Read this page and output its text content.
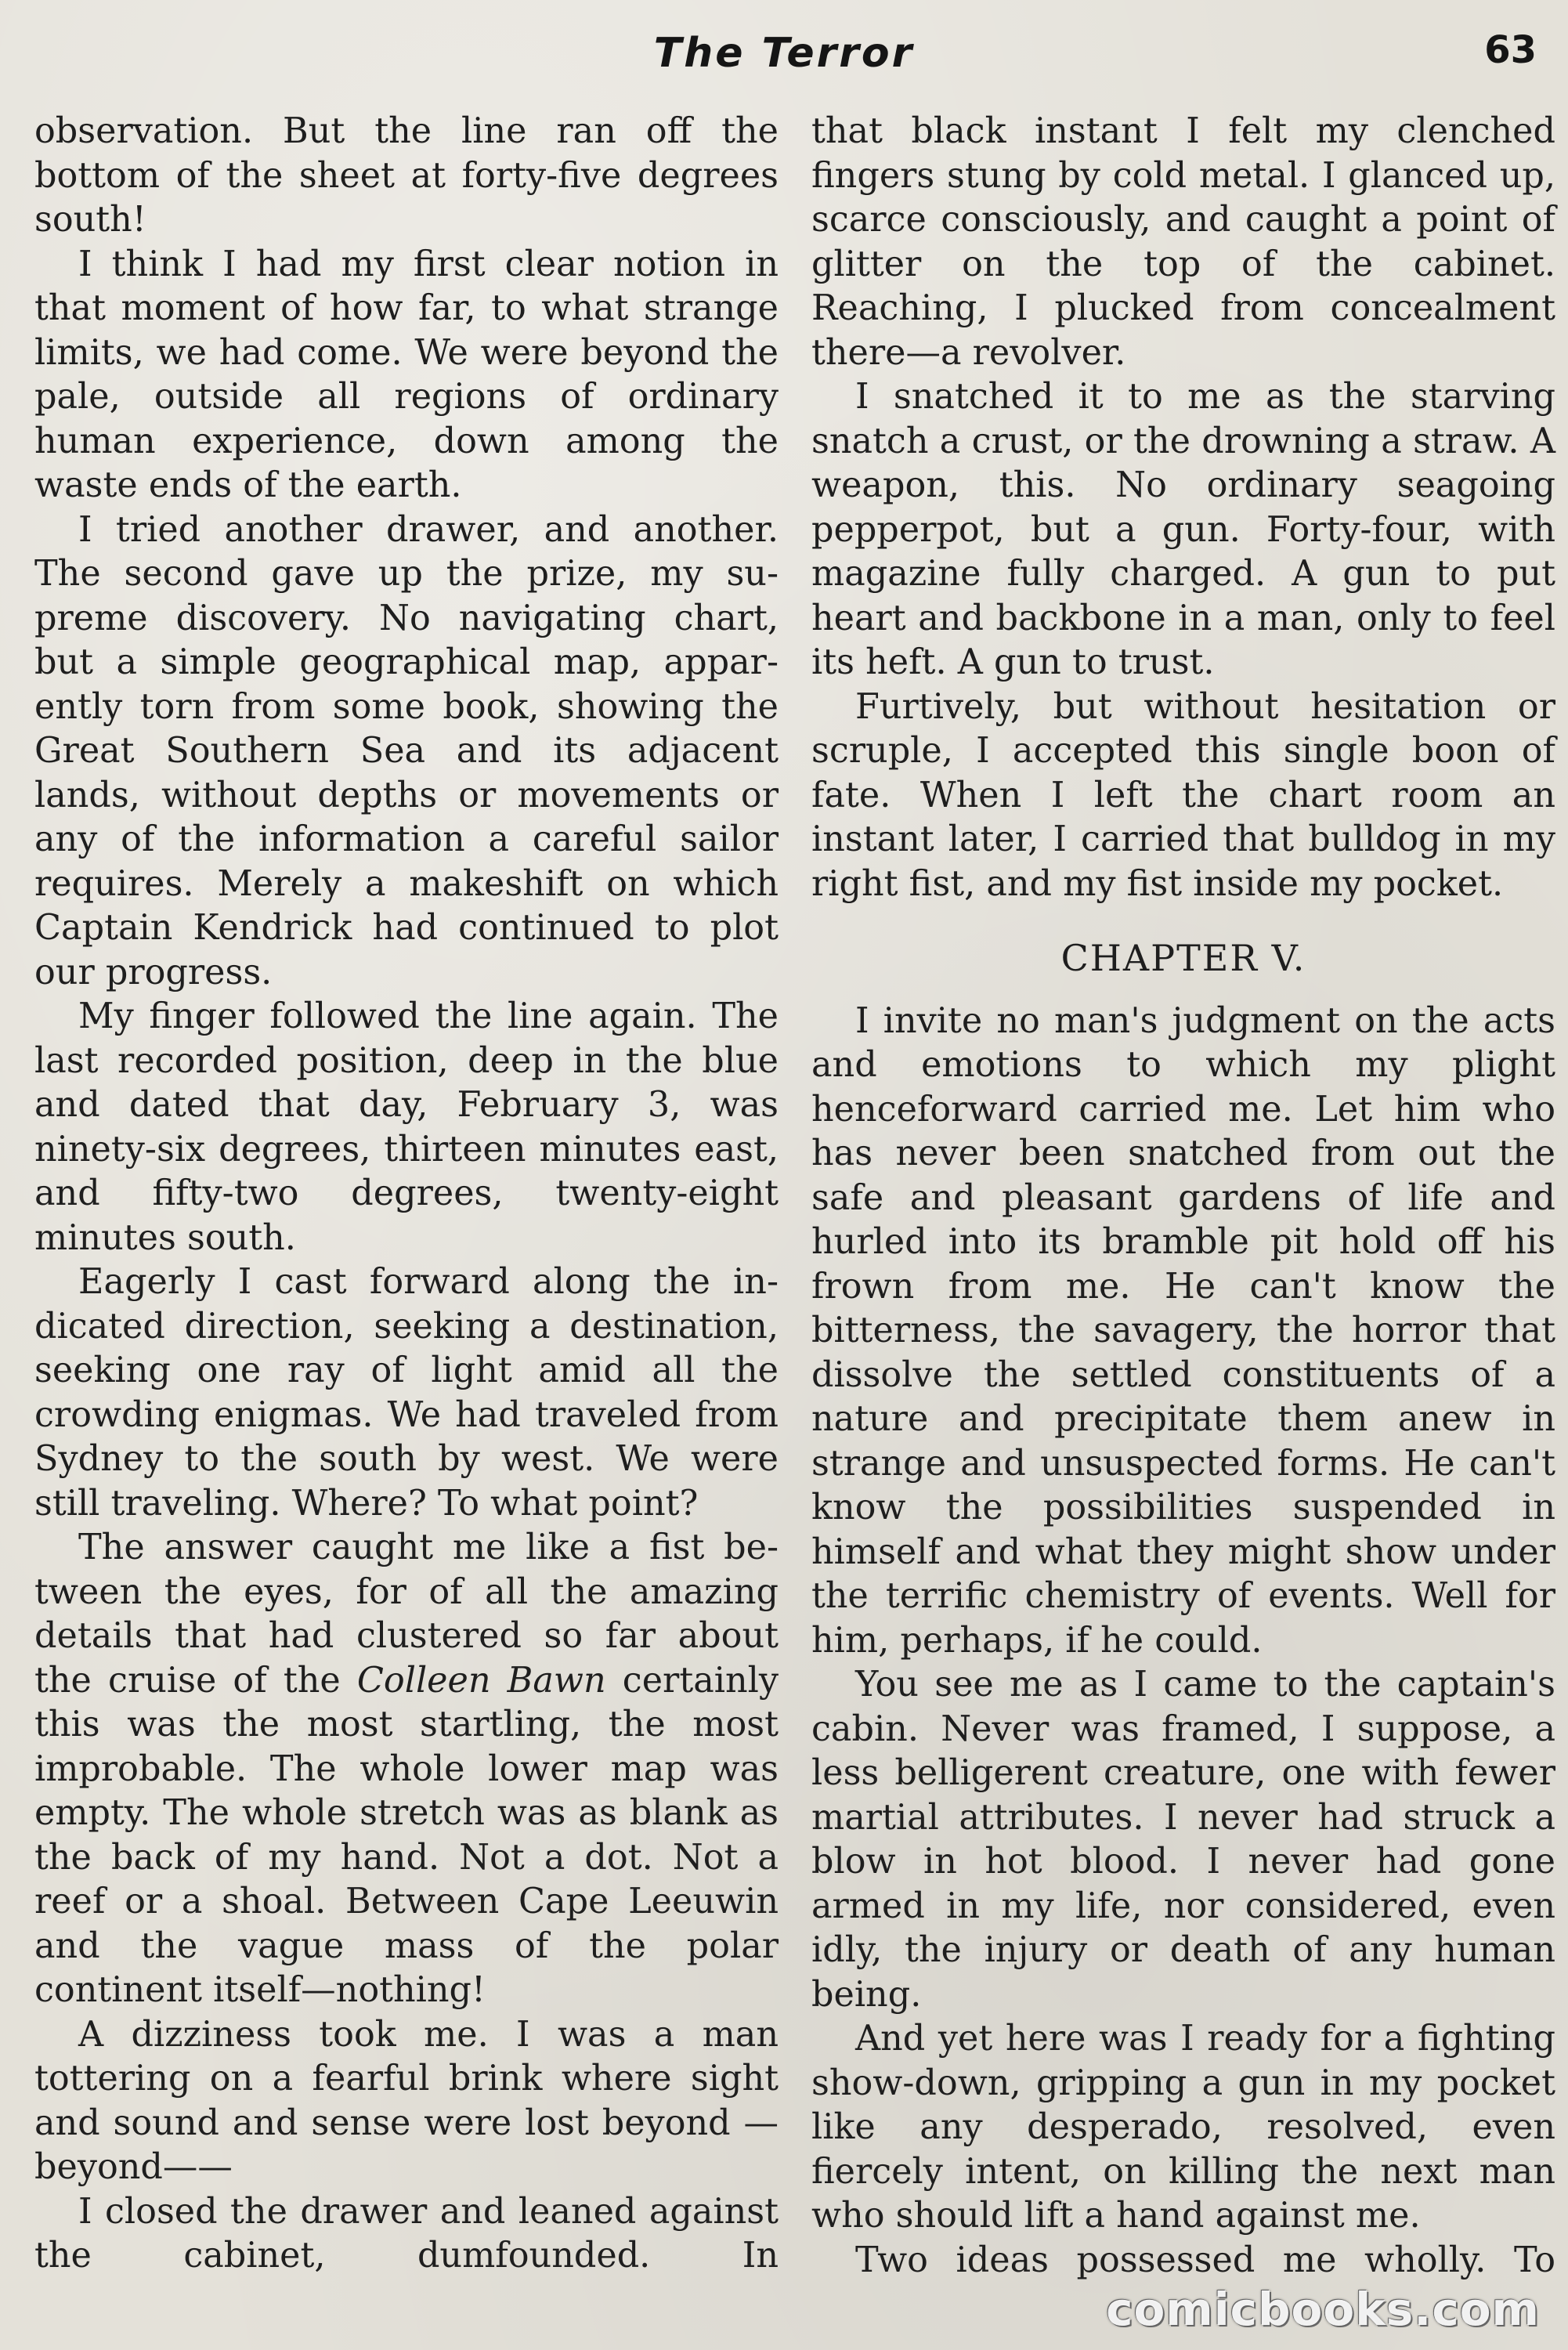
The Terror	63

observation. But the line ran off the bottom of the sheet at forty-five degrees south!

I think I had my first clear notion in that moment of how far, to what strange limits, we had come. We were beyond the pale, outside all regions of ordinary human experience, down among the waste ends of the earth.

I tried another drawer, and another. The second gave up the prize, my supreme discovery. No navigating chart, but a simple geographical map, apparently torn from some book, showing the Great Southern Sea and its adjacent lands, without depths or movements or any of the information a careful sailor requires. Merely a makeshift on which Captain Kendrick had continued to plot our progress.

My finger followed the line again. The last recorded position, deep in the blue and dated that day, February 3, was ninety-six degrees, thirteen minutes east, and fifty-two degrees, twenty-eight minutes south.

Eagerly I cast forward along the indicated direction, seeking a destination, seeking one ray of light amid all the crowding enigmas. We had traveled from Sydney to the south by west. We were still traveling. Where? To what point?

The answer caught me like a fist between the eyes, for of all the amazing details that had clustered so far about the cruise of the Colleen Bawn certainly this was the most startling, the most improbable. The whole lower map was empty. The whole stretch was as blank as the back of my hand. Not a dot. Not a reef or a shoal. Between Cape Leeuwin and the vague mass of the polar continent itself—nothing!

A dizziness took me. I was a man tottering on a fearful brink where sight and sound and sense were lost beyond —beyond——

I closed the drawer and leaned against the cabinet, dumfounded. In

that black instant I felt my clenched fingers stung by cold metal. I glanced up, scarce consciously, and caught a point of glitter on the top of the cabinet. Reaching, I plucked from concealment there—a revolver.

I snatched it to me as the starving snatch a crust, or the drowning a straw. A weapon, this. No ordinary seagoing pepperpot, but a gun. Forty-four, with magazine fully charged. A gun to put heart and backbone in a man, only to feel its heft. A gun to trust.

Furtively, but without hesitation or scruple, I accepted this single boon of fate. When I left the chart room an instant later, I carried that bulldog in my right fist, and my fist inside my pocket.

CHAPTER V.

I invite no man's judgment on the acts and emotions to which my plight henceforward carried me. Let him who has never been snatched from out the safe and pleasant gardens of life and hurled into its bramble pit hold off his frown from me. He can't know the bitterness, the savagery, the horror that dissolve the settled constituents of a nature and precipitate them anew in strange and unsuspected forms. He can't know the possibilities suspended in himself and what they might show under the terrific chemistry of events. Well for him, perhaps, if he could.

You see me as I came to the captain's cabin. Never was framed, I suppose, a less belligerent creature, one with fewer martial attributes. I never had struck a blow in hot blood. I never had gone armed in my life, nor considered, even idly, the injury or death of any human being.

And yet here was I ready for a fighting show-down, gripping a gun in my pocket like any desperado, resolved, even fiercely intent, on killing the next man who should lift a hand against me.

Two ideas possessed me wholly. To

comicbooks.com
